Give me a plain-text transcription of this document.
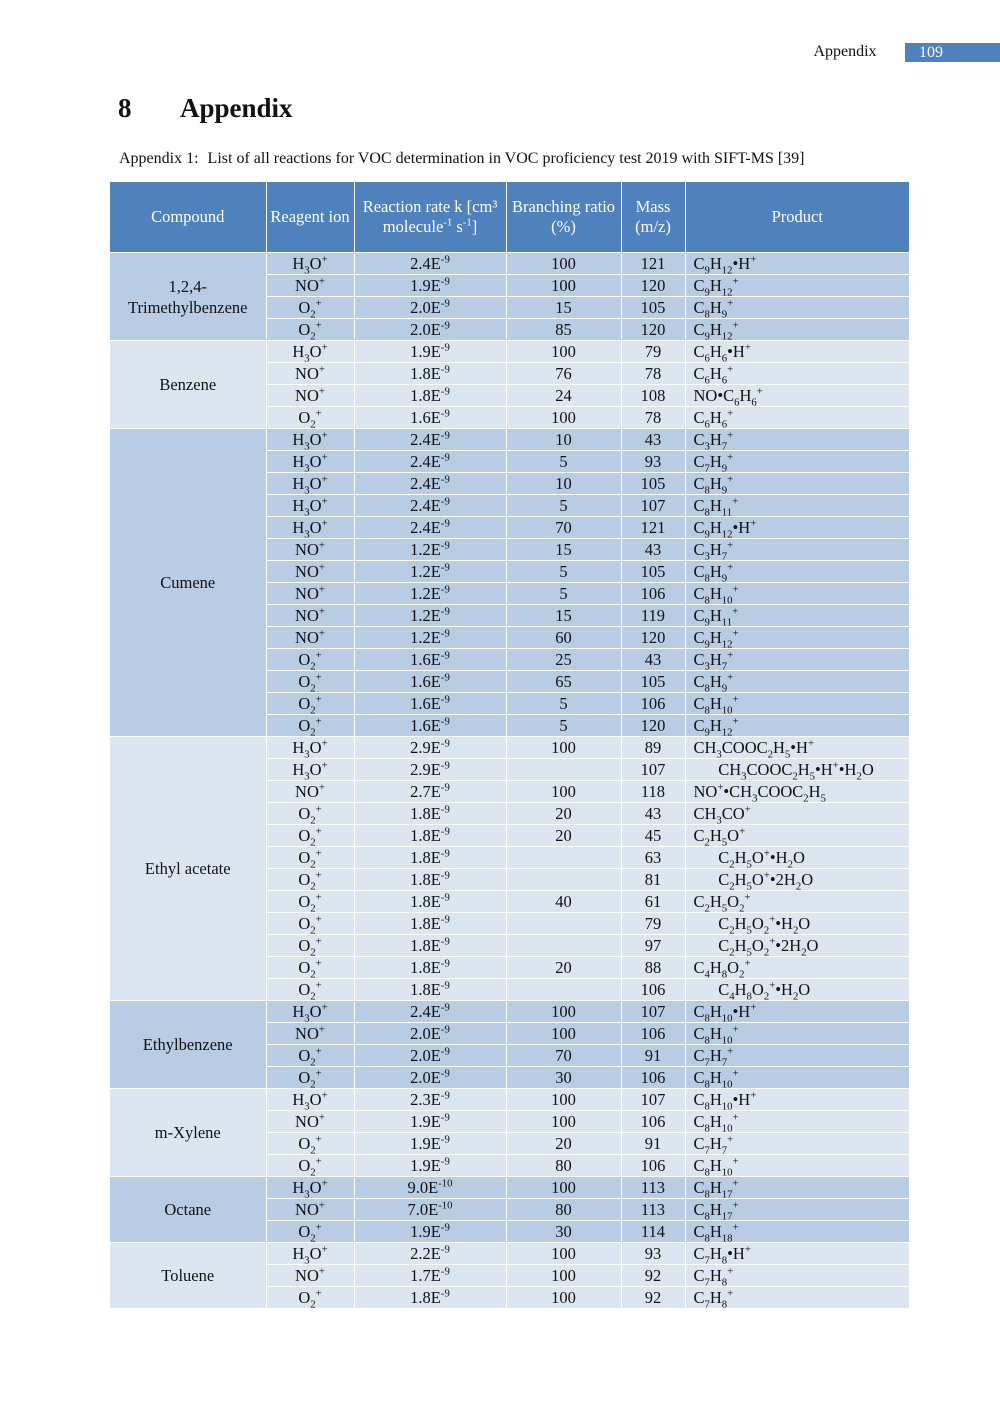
Appendix	109
8 Appendix
Appendix 1: List of all reactions for VOC determination in VOC proficiency test 2019 with SIFT-MS [39]
Compound	Reagent ion	Reaction rate k [cm³ molecule$^{-1}$ $s^{-1}$]	Branching ratio (%)	Mass (m/z)	Product
1,2,4-Trimethylbenzene	$H_3O^+$	$2.4E^{-9}$	100	121	$C_9H_{12}•H^+$
	NO+	$1.9E^{-9}$	100	120	$C_9H_{12}^+$
	$O_2^+$	$2.0E^{-9}$	15	105	$C_8H_9^+$
	$O_2^+$	$2.0E^{-9}$	85	120	$C_9H_{12}^+$
Benzene	$H_3O^+$	$1.9E^{-9}$	100	79	$C_6H_6•H^+$
	NO+	$1.8E^{-9}$	76	78	$C_6H_6^+$
	NO+	$1.8E^{-9}$	24	108	$NO•C_6H_6^+$
	$O_2^+$	$1.6E^{-9}$	100	78	$C_6H_6^+$
Cumene	$H_3O^+$	$2.4E^{-9}$	10	43	$C_3H_7^+$
	$H_3O^+$	$2.4E^{-9}$	5	93	$C_7H_9^+$
	$H_3O^+$	$2.4E^{-9}$	10	105	$C_8H_9^+$
	$H_3O^+$	$2.4E^{-9}$	5	107	$C_8H_{11}^+$
	$H_3O^+$	$2.4E^{-9}$	70	121	$C_9H_{12}•H^+$
	NO+	$1.2E^{-9}$	15	43	$C_3H_7^+$
	NO+	$1.2E^{-9}$	5	105	$C_8H_9^+$
	NO+	$1.2E^{-9}$	5	106	$C_8H_{10}^+$
	NO+	$1.2E^{-9}$	15	119	$C_9H_{11}^+$
	NO+	$1.2E^{-9}$	60	120	$C_9H_{12}^+$
	$O_2^+$	$1.6E^{-9}$	25	43	$C_3H_7^+$
	$O_2^+$	$1.6E^{-9}$	65	105	$C_8H_9^+$
	$O_2^+$	$1.6E^{-9}$	5	106	$C_8H_{10}^+$
	$O_2^+$	$1.6E^{-9}$	5	120	$C_9H_{12}^+$
Ethyl acetate	$H_3O^+$	$2.9E^{-9}$	100	89	$CH_3COOC_2H_5•H^+$
	$H_3O^+$	$2.9E^{-9}$		107	$CH_3COOC_2H_5•H^+•H_2O$
	NO+	$2.7E^{-9}$	100	118	$NO^+•CH_3COOC_2H_5$
	$O_2^+$	$1.8E^{-9}$	20	43	$CH_3CO^+$
	$O_2^+$	$1.8E^{-9}$	20	45	$C_2H_5O^+$
	$O_2^+$	$1.8E^{-9}$		63	$C_2H_5O^+•H_2O$
	$O_2^+$	$1.8E^{-9}$		81	$C_2H_5O^+•2H_2O$
	$O_2^+$	$1.8E^{-9}$	40	61	$C_2H_5O_2^+$
	$O_2^+$	$1.8E^{-9}$		79	$C_2H_5O_2^+•H_2O$
	$O_2^+$	$1.8E^{-9}$		97	$C_2H_5O_2^+•2H_2O$
	$O_2^+$	$1.8E^{-9}$	20	88	$C_4H_8O_2^+$
	$O_2^+$	$1.8E^{-9}$		106	$C_4H_8O_2^+•H_2O$
Ethylbenzene	$H_3O^+$	$2.4E^{-9}$	100	107	$C_8H_{10}•H^+$
	NO+	$2.0E^{-9}$	100	106	$C_8H_{10}^+$
	$O_2^+$	$2.0E^{-9}$	70	91	$C_7H_7^+$
	$O_2^+$	$2.0E^{-9}$	30	106	$C_8H_{10}^+$
m-Xylene	$H_3O^+$	$2.3E^{-9}$	100	107	$C_8H_{10}•H^+$
	NO+	$1.9E^{-9}$	100	106	$C_8H_{10}^+$
	$O_2^+$	$1.9E^{-9}$	20	91	$C_7H_7^+$
	$O_2^+$	$1.9E^{-9}$	80	106	$C_8H_{10}^+$
Octane	$H_3O^+$	$9.0E^{-10}$	100	113	$C_8H_{17}^+$
	NO+	$7.0E^{-10}$	80	113	$C_8H_{17}^+$
	$O_2^+$	$1.9E^{-9}$	30	114	$C_8H_{18}^+$
Toluene	$H_3O^+$	$2.2E^{-9}$	100	93	$C_7H_8•H^+$
	NO+	$1.7E^{-9}$	100	92	$C_7H_8^+$
	$O_2^+$	$1.8E^{-9}$	100	92	$C_7H_8^+$
